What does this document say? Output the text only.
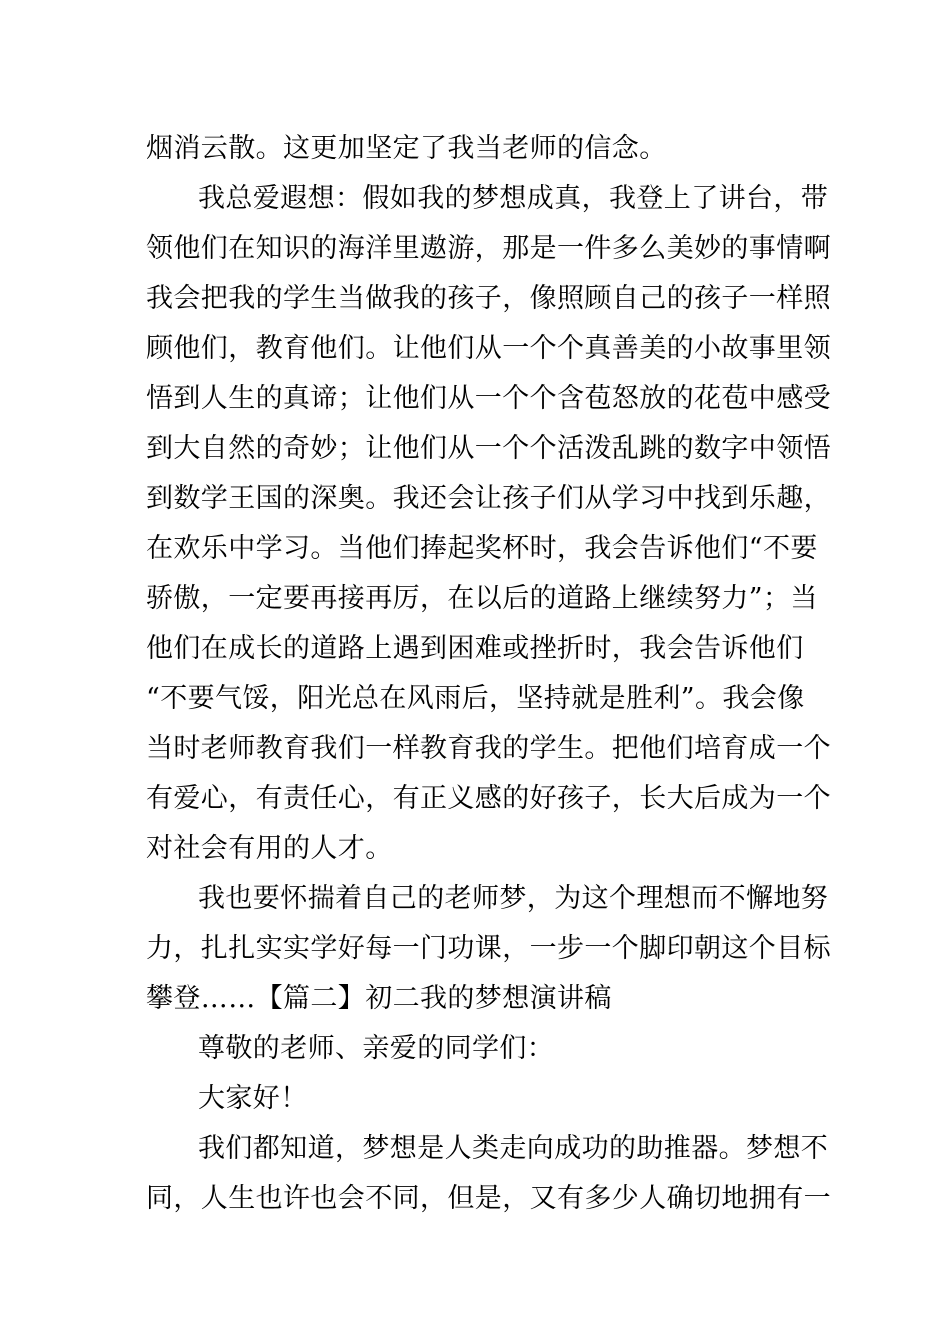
烟消云散。这更加坚定了我当老师的信念。
我总爱遐想：假如我的梦想成真，我登上了讲台，带
领他们在知识的海洋里遨游，那是一件多么美妙的事情啊
我会把我的学生当做我的孩子，像照顾自己的孩子一样照
顾他们，教育他们。让他们从一个个真善美的小故事里领
悟到人生的真谛；让他们从一个个含苞怒放的花苞中感受
到大自然的奇妙；让他们从一个个活泼乱跳的数字中领悟
到数学王国的深奥。我还会让孩子们从学习中找到乐趣，
在欢乐中学习。当他们捧起奖杯时，我会告诉他们“不要
骄傲，一定要再接再厉，在以后的道路上继续努力”；当
他们在成长的道路上遇到困难或挫折时，我会告诉他们
“不要气馁，阳光总在风雨后，坚持就是胜利”。我会像
当时老师教育我们一样教育我的学生。把他们培育成一个
有爱心，有责任心，有正义感的好孩子，长大后成为一个
对社会有用的人才。
我也要怀揣着自己的老师梦，为这个理想而不懈地努
力，扎扎实实学好每一门功课，一步一个脚印朝这个目标
攀登……【篇二】初二我的梦想演讲稿
尊敬的老师、亲爱的同学们：
大家好！
我们都知道，梦想是人类走向成功的助推器。梦想不
同，人生也许也会不同，但是，又有多少人确切地拥有一
